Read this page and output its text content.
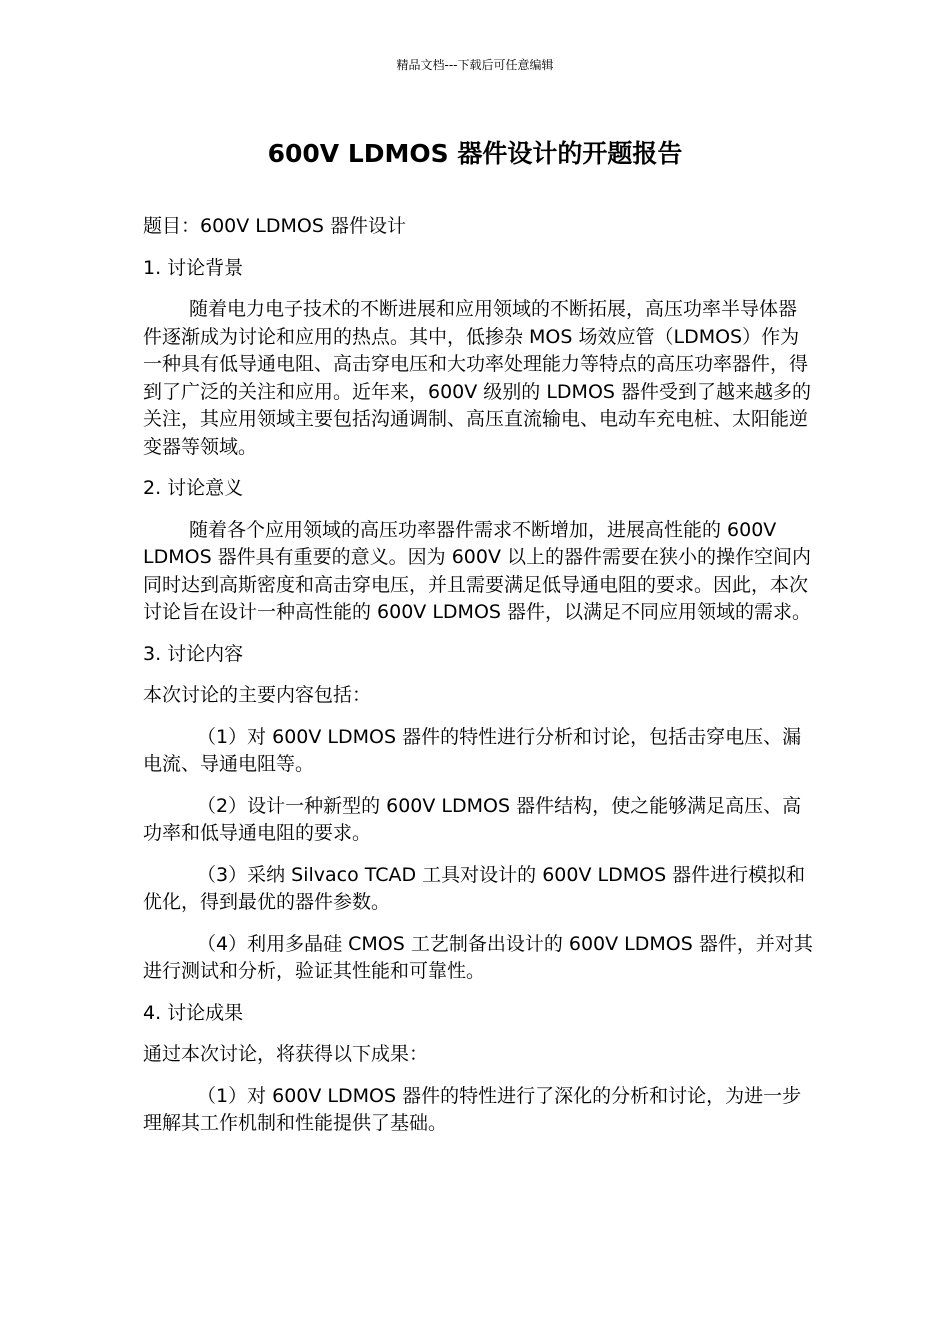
精品文档---下载后可任意编辑
600V LDMOS 器件设计的开题报告

题目：600V LDMOS 器件设计

1. 讨论背景

随着电力电子技术的不断进展和应用领域的不断拓展，高压功率半导体器件逐渐成为讨论和应用的热点。其中，低掺杂 MOS 场效应管（LDMOS）作为一种具有低导通电阻、高击穿电压和大功率处理能力等特点的高压功率器件，得到了广泛的关注和应用。近年来，600V 级别的 LDMOS 器件受到了越来越多的关注，其应用领域主要包括沟通调制、高压直流输电、电动车充电桩、太阳能逆变器等领域。

2. 讨论意义

随着各个应用领域的高压功率器件需求不断增加，进展高性能的 600V LDMOS 器件具有重要的意义。因为 600V 以上的器件需要在狭小的操作空间内同时达到高斯密度和高击穿电压，并且需要满足低导通电阻的要求。因此，本次讨论旨在设计一种高性能的 600V LDMOS 器件，以满足不同应用领域的需求。

3. 讨论内容

本次讨论的主要内容包括：

（1）对 600V LDMOS 器件的特性进行分析和讨论，包括击穿电压、漏电流、导通电阻等。

（2）设计一种新型的 600V LDMOS 器件结构，使之能够满足高压、高功率和低导通电阻的要求。

（3）采纳 Silvaco TCAD 工具对设计的 600V LDMOS 器件进行模拟和优化，得到最优的器件参数。

（4）利用多晶硅 CMOS 工艺制备出设计的 600V LDMOS 器件，并对其进行测试和分析，验证其性能和可靠性。

4. 讨论成果

通过本次讨论，将获得以下成果：

（1）对 600V LDMOS 器件的特性进行了深化的分析和讨论，为进一步理解其工作机制和性能提供了基础。
